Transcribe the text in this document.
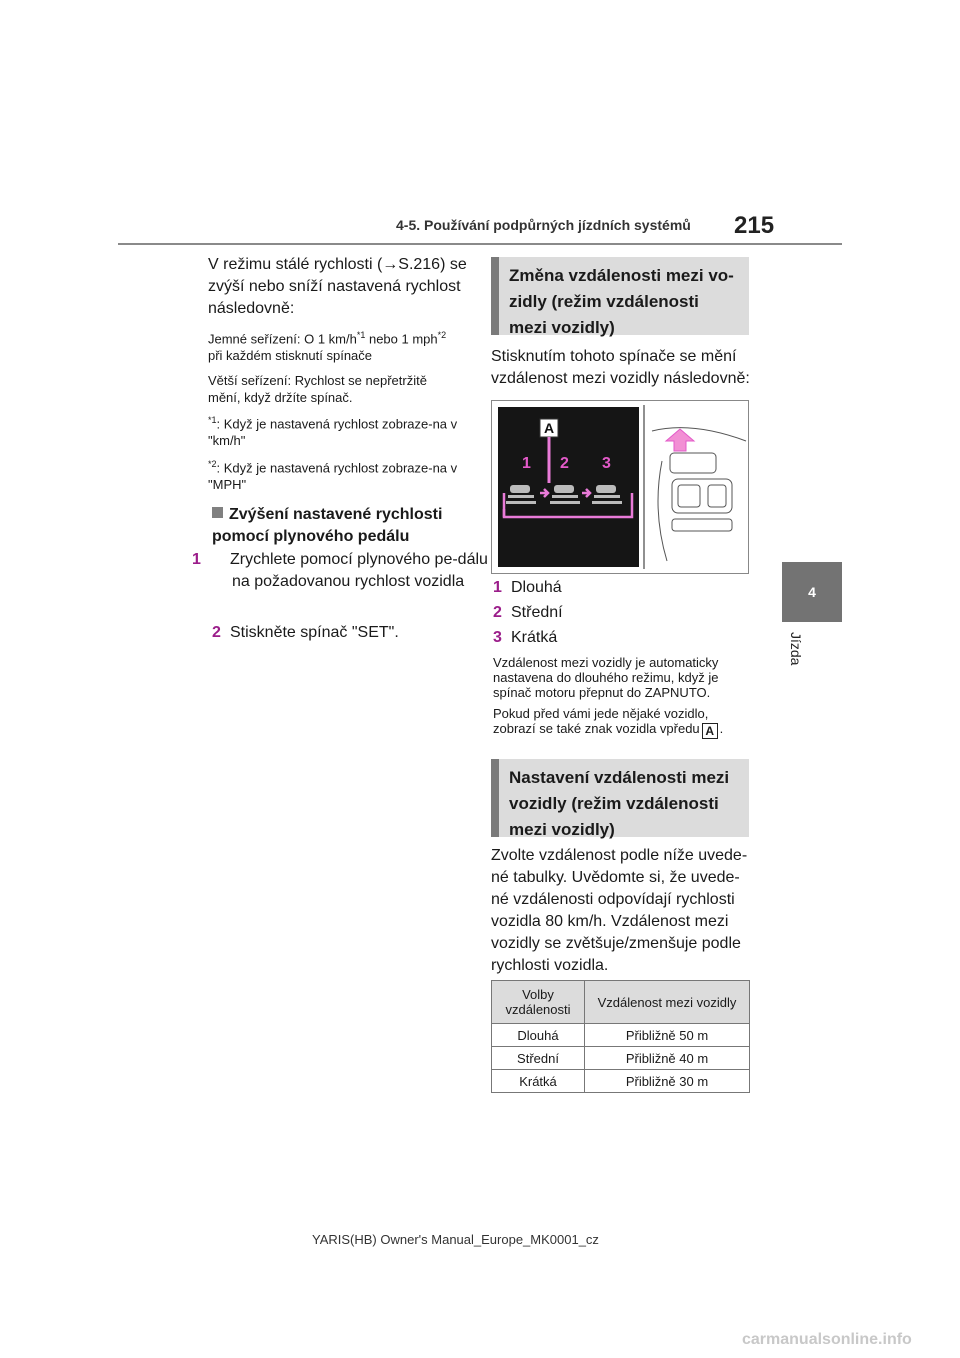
4-5. Používání podpůrných jízdních systémů 215
4
Jízda
V režimu stálé rychlosti (→S.216) se zvýší nebo sníží nastavená rychlost následovně:
Jemné seřízení: O 1 $km/h^{*1}$ nebo 1 mph$^{*2}$
při každém stisknutí spínače
Větší seřízení: Rychlost se nepřetržitě mění, když držíte spínač.
$^{*1}$: Když je nastavená rychlost zobraze-na v "km/h"
$^{*2}$: Když je nastavená rychlost zobraze-na v "MPH"
Zvýšení nastavené rychlosti pomocí plynového pedálu
1 Zrychlete pomocí plynového pe-dálu na požadovanou rychlost vozidla
2 Stiskněte spínač "SET".
Změna vzdálenosti mezi vo-zidly (režim vzdálenosti mezi vozidly)
Stisknutím tohoto spínače se mění vzdálenost mezi vozidly následovně:
A
1 2 3
1 Dlouhá
2 Střední
3 Krátká
Vzdálenost mezi vozidly je automaticky nastavena do dlouhého režimu, když je spínač motoru přepnut do ZAPNUTO.
Pokud před vámi jede nějaké vozidlo, zobrazí se také znak vozidla vpředu A .
Nastavení vzdálenosti mezi vozidly (režim vzdálenosti mezi vozidly)
Zvolte vzdálenost podle níže uvede-né tabulky. Uvědomte si, že uvede-né vzdálenosti odpovídají rychlosti vozidla 80 km/h. Vzdálenost mezi vozidly se zvětšuje/zmenšuje podle rychlosti vozidla.
Volby vzdálenosti	Vzdálenost mezi vozidly
Dlouhá	Přibližně 50 m
Střední	Přibližně 40 m
Krátká	Přibližně 30 m
YARIS(HB) Owner's Manual_Europe_MK0001_cz
carmanualsonline.info
